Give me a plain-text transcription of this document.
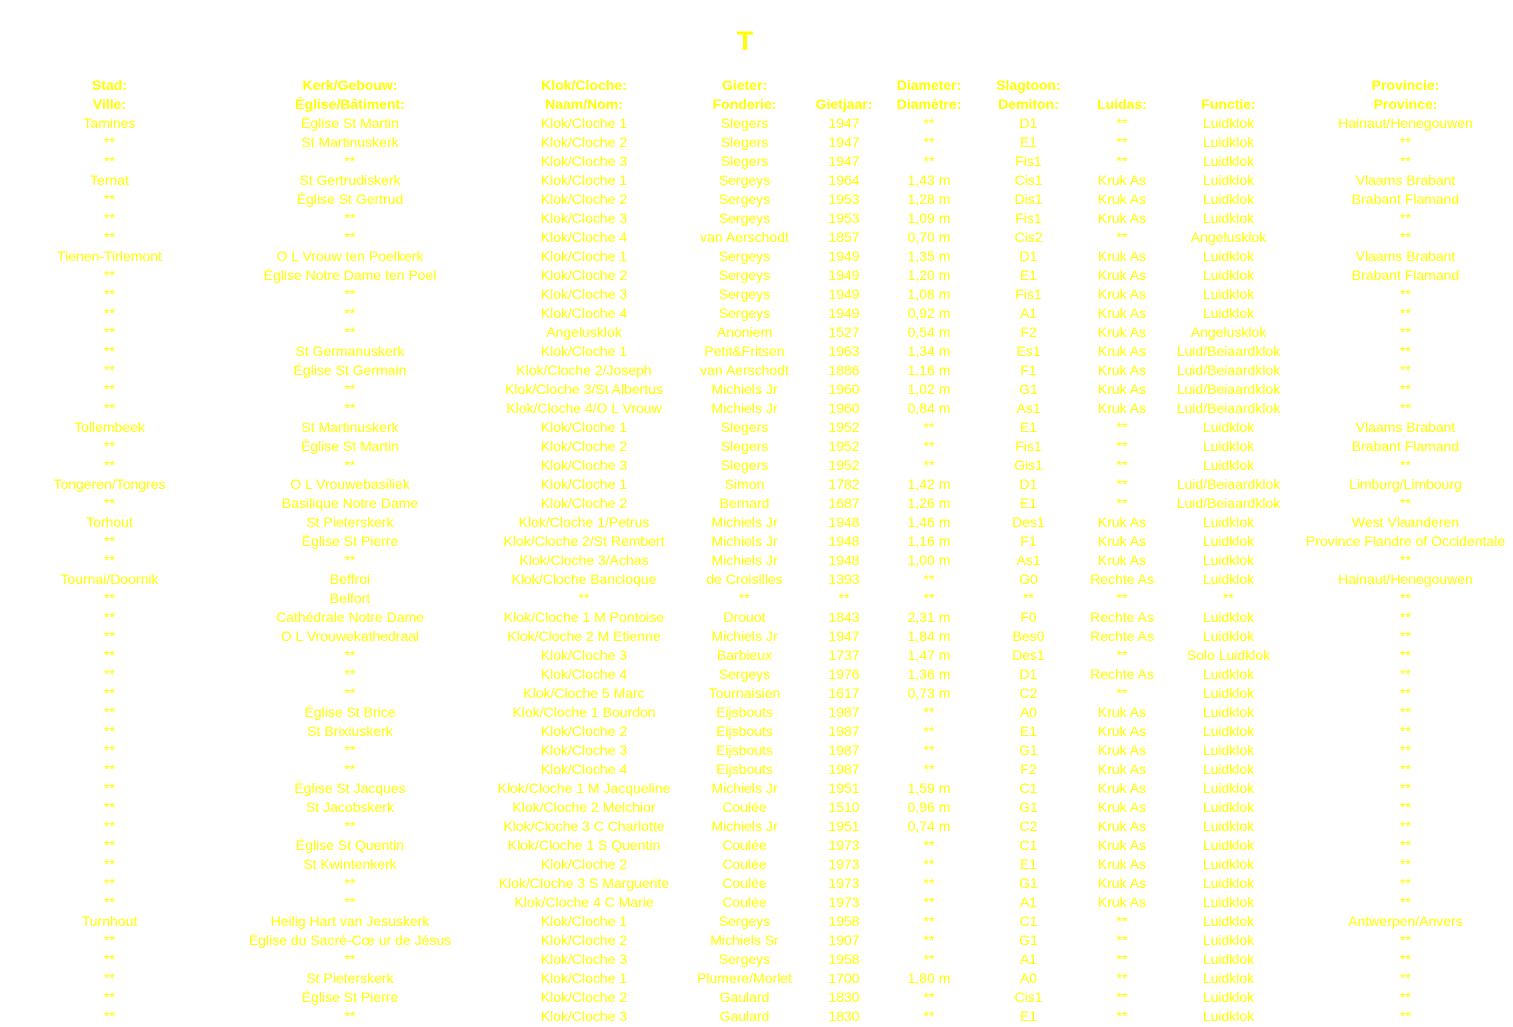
T
Stad:	Kerk/Gebouw:	Klok/Cloche:	Gieter:		Diameter:	Slagtoon:			Provincie:
Ville:	Église/Bâtiment:	Naam/Nom:	Fonderie:	Gietjaar:	Diamètre:	Demiton:	Luidas:	Functie:	Province:
Tamines	Église St Martin	Klok/Cloche 1	Slegers	1947	**	D1	**	Luidklok	Hainaut/Henegouwen
**	St Martinuskerk	Klok/Cloche 2	Slegers	1947	**	E1	**	Luidklok	**
**	**	Klok/Cloche 3	Slegers	1947	**	Fis1	**	Luidklok	**
Ternat	St Gertrudiskerk	Klok/Cloche 1	Sergeys	1964	1,43 m	Cis1	Kruk As	Luidklok	Vlaams Brabant
**	Église St Gertrud	Klok/Cloche 2	Sergeys	1953	1,28 m	Dis1	Kruk As	Luidklok	Brabant Flamand
**	**	Klok/Cloche 3	Sergeys	1953	1,09 m	Fis1	Kruk As	Luidklok	**
**	**	Klok/Cloche 4	van Aerschodt	1857	0,70 m	Cis2	**	Angelusklok	**
Tienen-Tirlemont	O L Vrouw ten Poelkerk	Klok/Cloche 1	Sergeys	1949	1,35 m	D1	Kruk As	Luidklok	Vlaams Brabant
**	Église Notre Dame ten Poel	Klok/Cloche 2	Sergeys	1949	1,20 m	E1	Kruk As	Luidklok	Brabant Flamand
**	**	Klok/Cloche 3	Sergeys	1949	1,08 m	Fis1	Kruk As	Luidklok	**
**	**	Klok/Cloche 4	Sergeys	1949	0,92 m	A1	Kruk As	Luidklok	**
**	**	Angelusklok	Anoniem	1527	0,54 m	F2	Kruk As	Angelusklok	**
**	St Germanuskerk	Klok/Cloche 1	Petit&Fritsen	1963	1,34 m	Es1	Kruk As	Luid/Beiaardklok	**
**	Église St Germain	Klok/Cloche 2/Joseph	van Aerschodt	1886	1,16 m	F1	Kruk As	Luid/Beiaardklok	**
**	**	Klok/Cloche 3/St Albertus	Michiels Jr	1960	1,02 m	G1	Kruk As	Luid/Beiaardklok	**
**	**	Klok/Cloche 4/O L Vrouw	Michiels Jr	1960	0,84 m	As1	Kruk As	Luid/Beiaardklok	**
Tollembeek	St Martinuskerk	Klok/Cloche 1	Slegers	1952	**	E1	**	Luidklok	Vlaams Brabant
**	Église St Martin	Klok/Cloche 2	Slegers	1952	**	Fis1	**	Luidklok	Brabant Flamand
**	**	Klok/Cloche 3	Slegers	1952	**	Gis1	**	Luidklok	**
Tongeren/Tongres	O L Vrouwebasiliek	Klok/Cloche 1	Simon	1782	1,42 m	D1	**	Luid/Beiaardklok	Limburg/Limbourg
**	Basilique Notre Dame	Klok/Cloche 2	Bernard	1687	1,26 m	E1	**	Luid/Beiaardklok	**
Torhout	St Pieterskerk	Klok/Cloche 1/Petrus	Michiels Jr	1948	1,46 m	Des1	Kruk As	Luidklok	West Vlaanderen
**	Église St Pierre	Klok/Cloche 2/St Rembert	Michiels Jr	1948	1,16 m	F1	Kruk As	Luidklok	Province Flandre of Occidentale
**	**	Klok/Cloche 3/Achas	Michiels Jr	1948	1,00 m	As1	Kruk As	Luidklok	**
Tournai/Doornik	Beffroi	Klok/Cloche Bancloque	de Croisilles	1393	**	G0	Rechte As	Luidklok	Hainaut/Henegouwen
**	Belfort	**	**	**	**	**	**	**	**
**	Cathédrale Notre Dame	Klok/Cloche 1 M Pontoise	Drouot	1843	2,31 m	F0	Rechte As	Luidklok	**
**	O L Vrouwekathedraal	Klok/Cloche 2 M Etienne	Michiels Jr	1947	1,84 m	Bes0	Rechte As	Luidklok	**
**	**	Klok/Cloche 3	Barbieux	1737	1,47 m	Des1	**	Solo Luidklok	**
**	**	Klok/Cloche 4	Sergeys	1976	1,36 m	D1	Rechte As	Luidklok	**
**	**	Klok/Cloche 5 Marc	Tournaisien	1617	0,73 m	C2	**	Luidklok	**
**	Église St Brice	Klok/Cloche 1 Bourdon	Eijsbouts	1987	**	A0	Kruk As	Luidklok	**
**	St Brixiuskerk	Klok/Cloche 2	Eijsbouts	1987	**	E1	Kruk As	Luidklok	**
**	**	Klok/Cloche 3	Eijsbouts	1987	**	G1	Kruk As	Luidklok	**
**	**	Klok/Cloche 4	Eijsbouts	1987	**	F2	Kruk As	Luidklok	**
**	Église St Jacques	Klok/Cloche 1 M Jacqueline	Michiels Jr	1951	1,59 m	C1	Kruk As	Luidklok	**
**	St Jacobskerk	Klok/Cloche 2 Melchior	Coulée	1510	0,96 m	G1	Kruk As	Luidklok	**
**	**	Klok/Cloche 3 C Charlotte	Michiels Jr	1951	0,74 m	C2	Kruk As	Luidklok	**
**	Église St Quentin	Klok/Cloche 1 S Quentin	Coulée	1973	**	C1	Kruk As	Luidklok	**
**	St Kwintenkerk	Klok/Cloche 2	Coulée	1973	**	E1	Kruk As	Luidklok	**
**	**	Klok/Cloche 3 S Marguerite	Coulée	1973	**	G1	Kruk As	Luidklok	**
**	**	Klok/Cloche 4 C Marie	Coulée	1973	**	A1	Kruk As	Luidklok	**
Turnhout	Heilig Hart van Jesuskerk	Klok/Cloche 1	Sergeys	1958	**	C1	**	Luidklok	Antwerpen/Anvers
**	Église du Sacré-Cœ ur de Jésus	Klok/Cloche 2	Michiels Sr	1907	**	G1	**	Luidklok	**
**	**	Klok/Cloche 3	Sergeys	1958	**	A1	**	Luidklok	**
**	St Pieterskerk	Klok/Cloche 1	Plumere/Morlet	1700	1,80 m	A0	**	Luidklok	**
**	Église St Pierre	Klok/Cloche 2	Gaulard	1830	**	Cis1	**	Luidklok	**
**	**	Klok/Cloche 3	Gaulard	1830	**	E1	**	Luidklok	**
